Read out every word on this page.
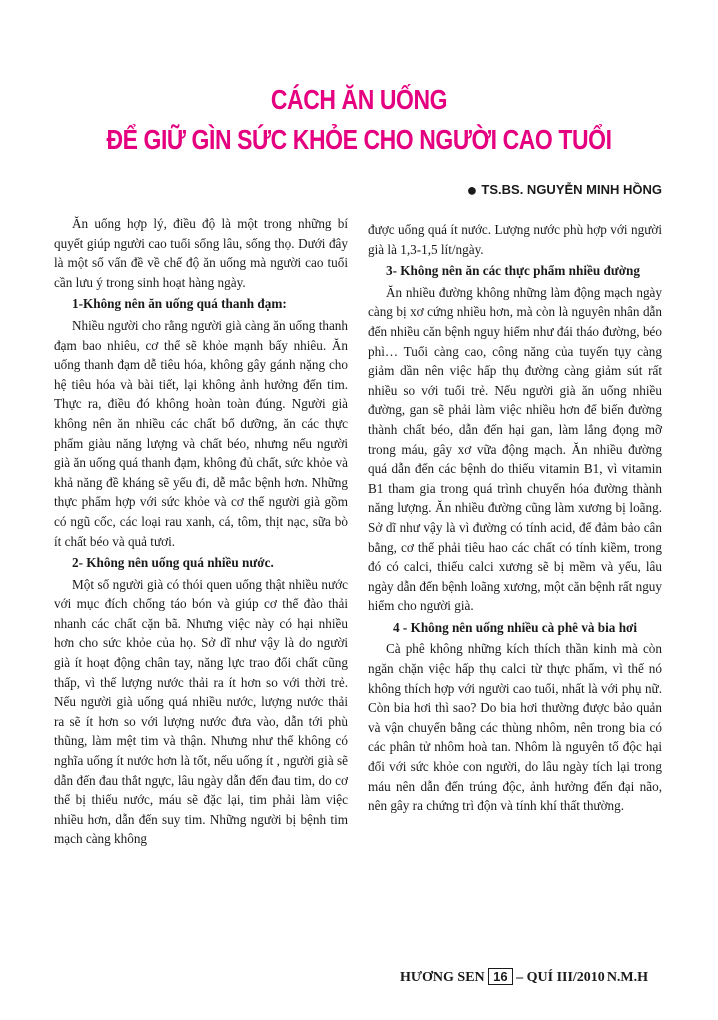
CÁCH ĂN UỐNG
ĐỂ GIỮ GÌN SỨC KHỎE CHO NGƯỜI CAO TUỔI
● TS.BS. NGUYỄN MINH HỒNG

Ăn uống hợp lý, điều độ là một trong những bí quyết giúp người cao tuổi sống lâu, sống thọ. Dưới đây là một số vấn đề về chế độ ăn uống mà người cao tuổi cần lưu ý trong sinh hoạt hàng ngày.

1-Không nên ăn uống quá thanh đạm:

Nhiều người cho rằng người già càng ăn uống thanh đạm bao nhiêu, cơ thể sẽ khỏe mạnh bấy nhiêu. Ăn uống thanh đạm dễ tiêu hóa, không gây gánh nặng cho hệ tiêu hóa và bài tiết, lại không ảnh hưởng đến tim. Thực ra, điều đó không hoàn toàn đúng. Người già không nên ăn nhiều các chất bổ dưỡng, ăn các thực phẩm giàu năng lượng và chất béo, nhưng nếu người già ăn uống quá thanh đạm, không đủ chất, sức khỏe và khả năng đề kháng sẽ yếu đi, dễ mắc bệnh hơn. Những thực phẩm hợp với sức khỏe và cơ thể người già gồm có ngũ cốc, các loại rau xanh, cá, tôm, thịt nạc, sữa bò ít chất béo và quả tươi.

2- Không nên uống quá nhiều nước.

Một số người già có thói quen uống thật nhiều nước với mục đích chống táo bón và giúp cơ thể đào thải nhanh các chất cặn bã. Nhưng việc này có hại nhiều hơn cho sức khỏe của họ. Sở dĩ như vậy là do người già ít hoạt động chân tay, năng lực trao đổi chất cũng thấp, vì thế lượng nước thải ra ít hơn so với thời trẻ. Nếu người già uống quá nhiều nước, lượng nước thải ra sẽ ít hơn so với lượng nước đưa vào, dẫn tới phù thũng, làm mệt tim và thận. Nhưng như thế không có nghĩa uống ít nước hơn là tốt, nếu uống ít , người già sẽ dẫn đến đau thắt ngực, lâu ngày dẫn đến đau tim, do cơ thể bị thiếu nước, máu sẽ đặc lại, tim phải làm việc nhiều hơn, dẫn đến suy tim. Những người bị bệnh tim mạch càng không

được uống quá ít nước. Lượng nước phù hợp với người già là 1,3-1,5 lít/ngày.

3- Không nên ăn các thực phẩm nhiều đường

Ăn nhiều đường không những làm động mạch ngày càng bị xơ cứng nhiều hơn, mà còn là nguyên nhân dẫn đến nhiều căn bệnh nguy hiểm như đái tháo đường, béo phì… Tuổi càng cao, công năng của tuyến tụy càng giảm dần nên việc hấp thụ đường càng giảm sút rất nhiều so với tuổi trẻ. Nếu người già ăn uống nhiều đường, gan sẽ phải làm việc nhiều hơn để biến đường thành chất béo, dẫn đến hại gan, làm lắng đọng mỡ trong máu, gây xơ vữa động mạch. Ăn nhiều đường quá dẫn đến các bệnh do thiếu vitamin B1, vì vitamin B1 tham gia trong quá trình chuyển hóa đường thành năng lượng. Ăn nhiều đường cũng làm xương bị loãng. Sở dĩ như vậy là vì đường có tính acid, để đảm bảo cân bằng, cơ thể phải tiêu hao các chất có tính kiềm, trong đó có calci, thiếu calci xương sẽ bị mềm và yếu, lâu ngày dẫn đến bệnh loãng xương, một căn bệnh rất nguy hiểm cho người già.

4 - Không nên uống nhiều cà phê và bia hơi

Cà phê không những kích thích thần kinh mà còn ngăn chặn việc hấp thụ calci từ thực phẩm, vì thế nó không thích hợp với người cao tuổi, nhất là với phụ nữ. Còn bia hơi thì sao? Do bia hơi thường được bảo quản và vận chuyển bằng các thùng nhôm, nên trong bia có các phân tử nhôm hoà tan. Nhôm là nguyên tố độc hại đối với sức khỏe con người, do lâu ngày tích lại trong máu nên dẫn đến trúng độc, ảnh hưởng đến đại não, nên gây ra chứng trì độn và tính khí thất thường.

HƯƠNG SEN 16 – QUÍ III/2010 N.M.H
